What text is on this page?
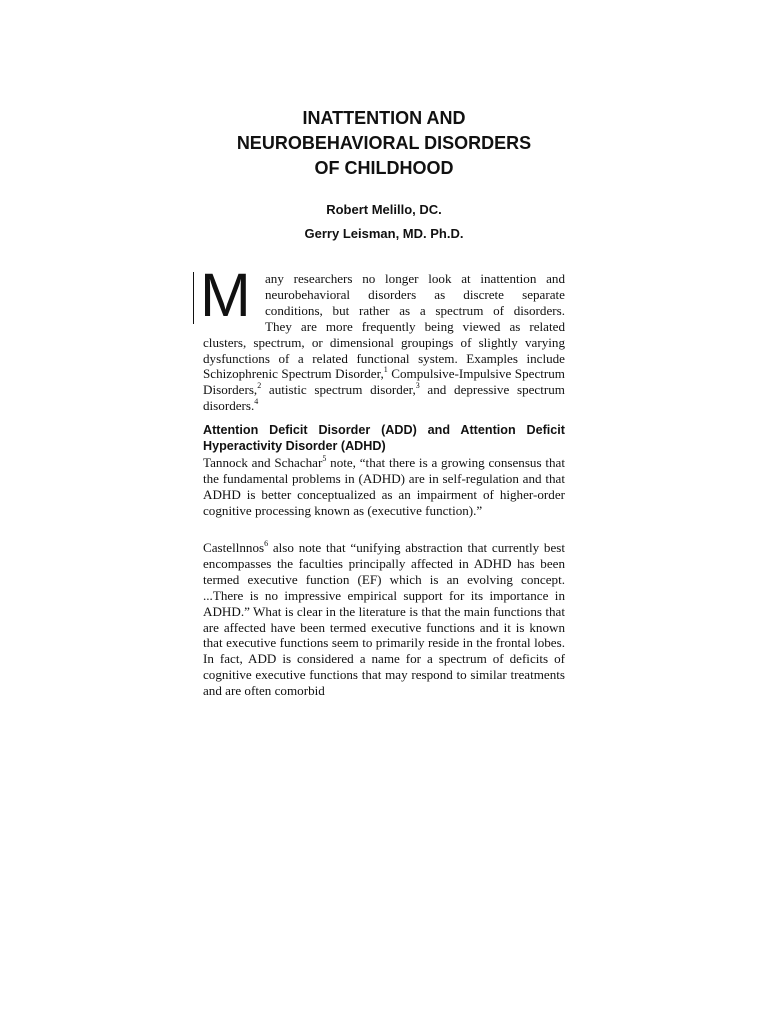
INATTENTION AND
NEUROBEHAVIORAL DISORDERS
OF CHILDHOOD
Robert Melillo, DC.
Gerry Leisman, MD. Ph.D.
M any researchers no longer look at inattention and
neurobehavioral disorders as discrete separate
conditions, but rather as a spectrum of disorders.
They are more frequently being viewed as related
clusters, spectrum, or dimensional groupings of slightly varying dysfunctions of a related functional system. Examples include Schizophrenic Spectrum Disorder,$^1$ Compulsive-Impulsive Spectrum Disorders,$^2$ autistic spectrum disorder,$^3$ and depressive spectrum disorders.$^4$
Attention Deficit Disorder (ADD) and Attention Deficit Hyperactivity Disorder (ADHD)
Tannock and Schachar$^5$ note, “that there is a growing consensus that the fundamental problems in (ADHD) are in self-regulation and that ADHD is better conceptualized as an impairment of higher-order cognitive processing known as (executive function).”
Castellnnos$^6$ also note that “unifying abstraction that currently best encompasses the faculties principally affected in ADHD has been termed executive function (EF) which is an evolving concept. ...There is no impressive empirical support for its importance in ADHD.” What is clear in the literature is that the main functions that are affected have been termed executive functions and it is known that executive functions seem to primarily reside in the frontal lobes. In fact, ADD is considered a name for a spectrum of deficits of cognitive executive functions that may respond to similar treatments and are often comorbid
